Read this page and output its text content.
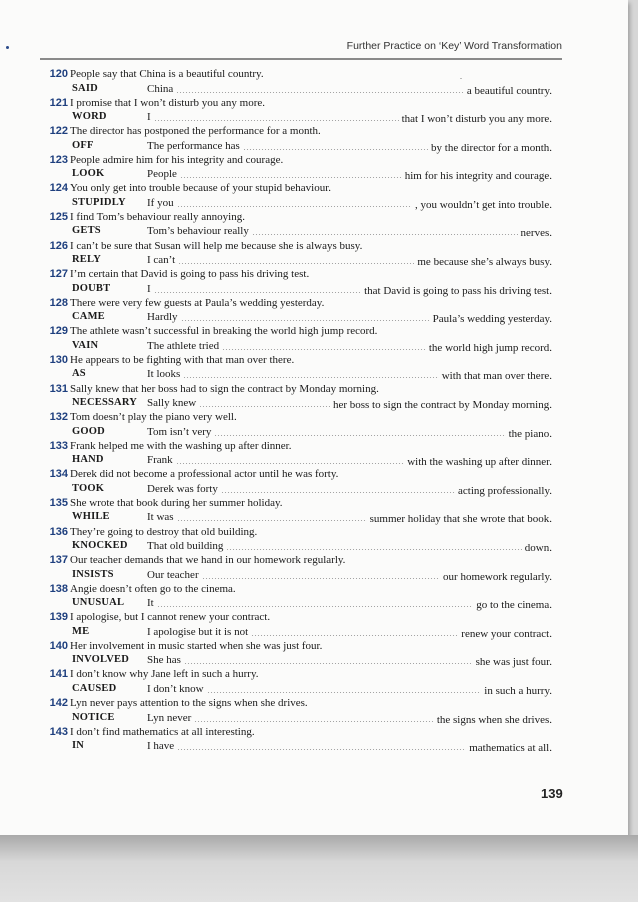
Further Practice on ‘Key’ Word Transformation
.
120 People say that China is a beautiful country.
SAID	China	a beautiful country.
121 I promise that I won’t disturb you any more.
WORD	I	that I won’t disturb you any more.
122 The director has postponed the performance for a month.
OFF	The performance has	by the director for a month.
123 People admire him for his integrity and courage.
LOOK	People	him for his integrity and courage.
124 You only get into trouble because of your stupid behaviour.
STUPIDLY	If you	, you wouldn’t get into trouble.
125 I find Tom’s behaviour really annoying.
GETS	Tom’s behaviour really	nerves.
126 I can’t be sure that Susan will help me because she is always busy.
RELY	I can’t	me because she’s always busy.
127 I’m certain that David is going to pass his driving test.
DOUBT	I	that David is going to pass his driving test.
128 There were very few guests at Paula’s wedding yesterday.
CAME	Hardly	Paula’s wedding yesterday.
129 The athlete wasn’t successful in breaking the world high jump record.
VAIN	The athlete tried	the world high jump record.
130 He appears to be fighting with that man over there.
AS	It looks	with that man over there.
131 Sally knew that her boss had to sign the contract by Monday morning.
NECESSARY Sally knew	her boss to sign the contract by Monday morning.
132 Tom doesn’t play the piano very well.
GOOD	Tom isn’t very	the piano.
133 Frank helped me with the washing up after dinner.
HAND	Frank	with the washing up after dinner.
134 Derek did not become a professional actor until he was forty.
TOOK	Derek was forty	acting professionally.
135 She wrote that book during her summer holiday.
WHILE	It was	summer holiday that she wrote that book.
136 They’re going to destroy that old building.
KNOCKED	That old building	down.
137 Our teacher demands that we hand in our homework regularly.
INSISTS	Our teacher	our homework regularly.
138 Angie doesn’t often go to the cinema.
UNUSUAL	It	go to the cinema.
139 I apologise, but I cannot renew your contract.
ME	I apologise but it is not	renew your contract.
140 Her involvement in music started when she was just four.
INVOLVED	She has	she was just four.
141 I don’t know why Jane left in such a hurry.
CAUSED	I don’t know	in such a hurry.
142 Lyn never pays attention to the signs when she drives.
NOTICE	Lyn never	the signs when she drives.
143 I don’t find mathematics at all interesting.
IN	I have	mathematics at all.
139
